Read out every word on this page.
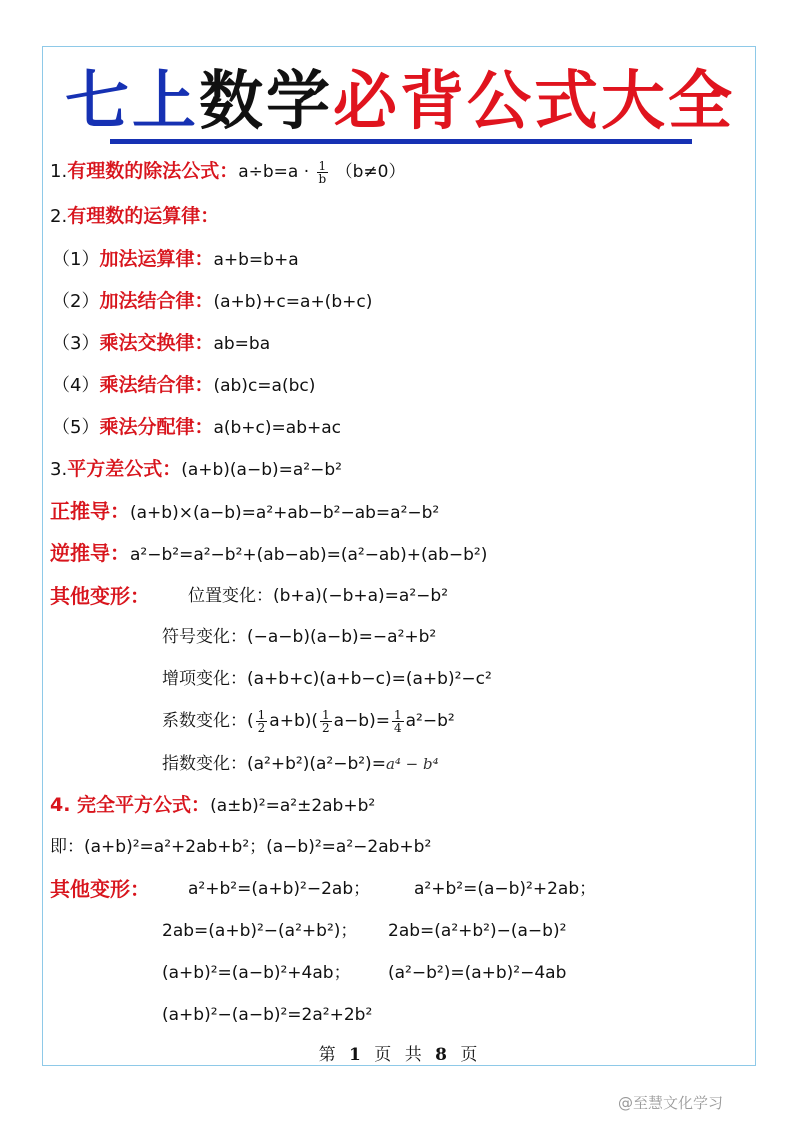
七上数学必背公式大全
1.有理数的除法公式：$a\div b=a \cdot \frac{1}{b} (b\ne 0)$
2.有理数的运算律：
（1）加法运算律：a+b=b+a
（2）加法结合律：(a+b)+c=a+(b+c)
（3）乘法交换律：ab=ba
（4）乘法结合律：(ab)c=a(bc)
（5）乘法分配律：a(b+c)=ab+ac
3.平方差公式：(a+b)(a−b)=a²−b²
正推导：(a+b)×(a−b)=a²+ab−b²−ab=a²−b²
逆推导：a²−b²=a²−b²+(ab−ab)=(a²−ab)+(ab−b²)
其他变形： 位置变化：(b+a)(−b+a)=a²−b²
符号变化：(−a−b)(a−b)=−a²+b²
增项变化：(a+b+c)(a+b−c)=(a+b)²−c²
系数变化：( $\frac{1}{2} a+b)( \frac{1}{2} a-b)= \frac{1}{4} a^2-b^2$
指数变化：(a²+b²)(a²−b²)=a⁴ − b⁴
4. 完全平方公式：(a±b)²=a²±2ab+b²
即：(a+b)²=a²+2ab+b²；(a−b)²=a²−2ab+b²
其他变形： a²+b²=(a+b)²−2ab；	a²+b²=(a−b)²+2ab；
2ab=(a+b)²−(a²+b²)； 2ab=(a²+b²)−(a−b)²
(a+b)²=(a−b)²+4ab； (a²−b²)=(a+b)²−4ab
(a+b)²−(a−b)²=2a²+2b²
第 1 页 共 8 页
@至慧文化学习
